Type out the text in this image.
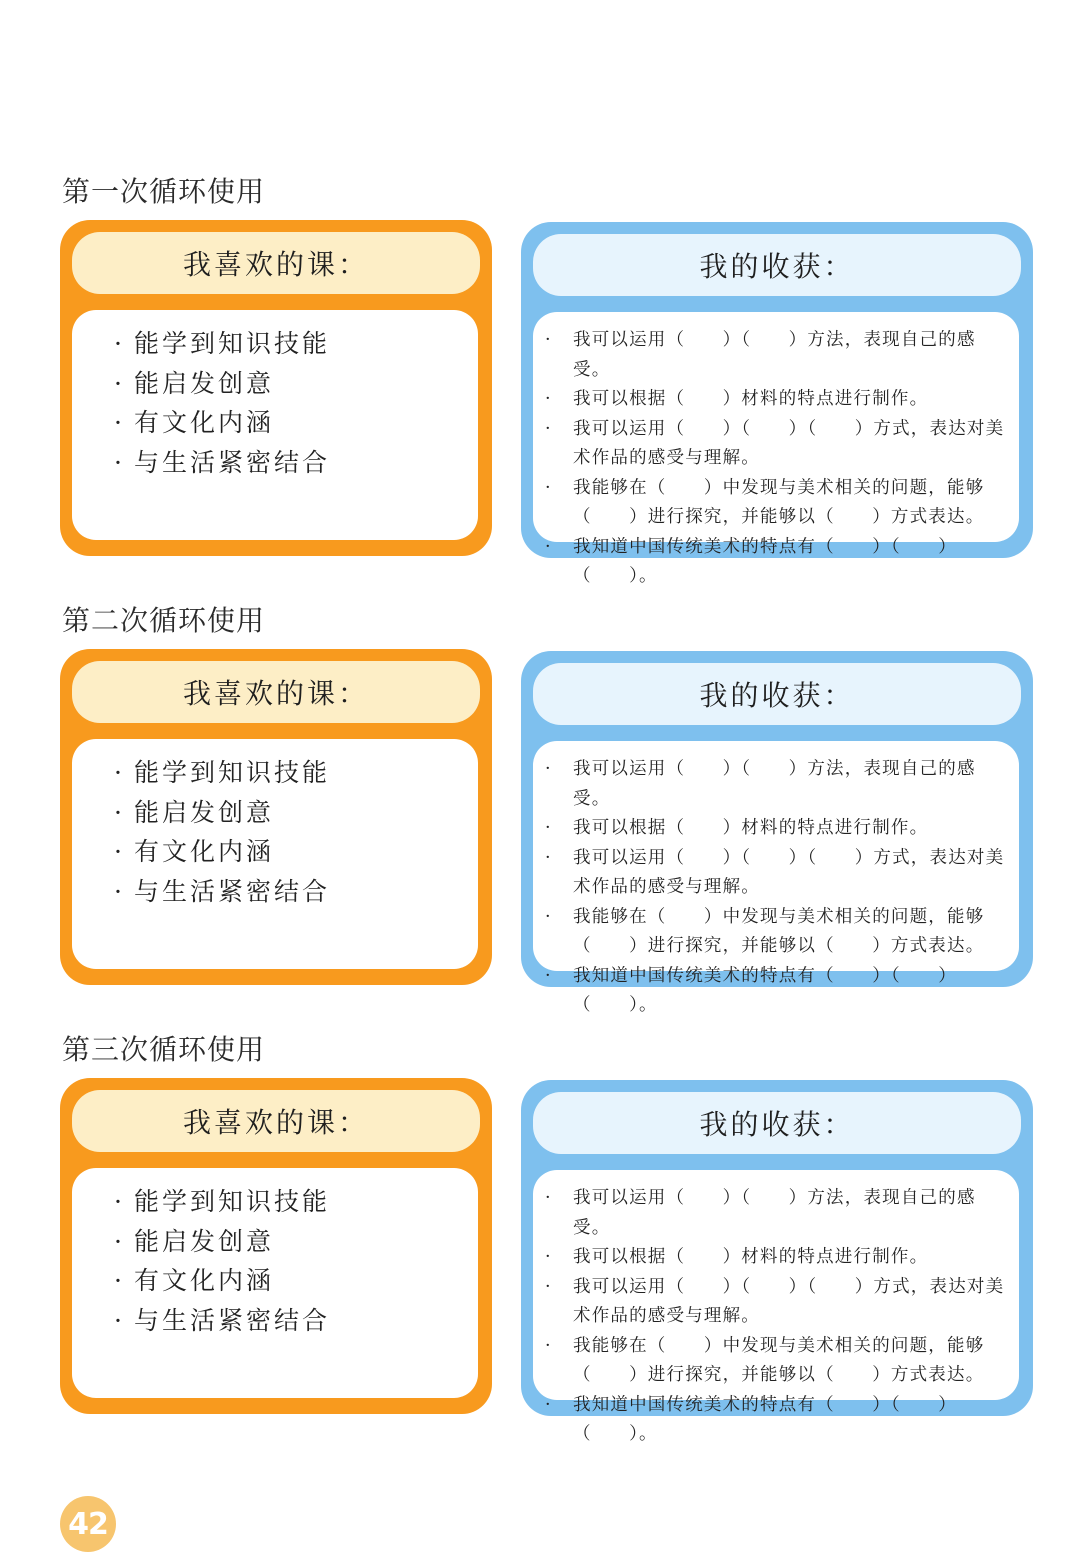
第一次循环使用
我喜欢的课：
· 能学到知识技能
· 能启发创意
· 有文化内涵
· 与生活紧密结合
我的收获：
·	我可以运用（　　）（　　）方法，表现自己的感受。
·	我可以根据（　　）材料的特点进行制作。
·	我可以运用（　　）（　　）（　　）方式，表达对美术作品的感受与理解。
·	我能够在（　　）中发现与美术相关的问题，能够（　　）进行探究，并能够以（　　）方式表达。
·	我知道中国传统美术的特点有（　　）（　　）（　　）。
第二次循环使用
我喜欢的课：
· 能学到知识技能
· 能启发创意
· 有文化内涵
· 与生活紧密结合
我的收获：
·	我可以运用（　　）（　　）方法，表现自己的感受。
·	我可以根据（　　）材料的特点进行制作。
·	我可以运用（　　）（　　）（　　）方式，表达对美术作品的感受与理解。
·	我能够在（　　）中发现与美术相关的问题，能够（　　）进行探究，并能够以（　　）方式表达。
·	我知道中国传统美术的特点有（　　）（　　）（　　）。
第三次循环使用
我喜欢的课：
· 能学到知识技能
· 能启发创意
· 有文化内涵
· 与生活紧密结合
我的收获：
·	我可以运用（　　）（　　）方法，表现自己的感受。
·	我可以根据（　　）材料的特点进行制作。
·	我可以运用（　　）（　　）（　　）方式，表达对美术作品的感受与理解。
·	我能够在（　　）中发现与美术相关的问题，能够（　　）进行探究，并能够以（　　）方式表达。
·	我知道中国传统美术的特点有（　　）（　　）（　　）。
42
